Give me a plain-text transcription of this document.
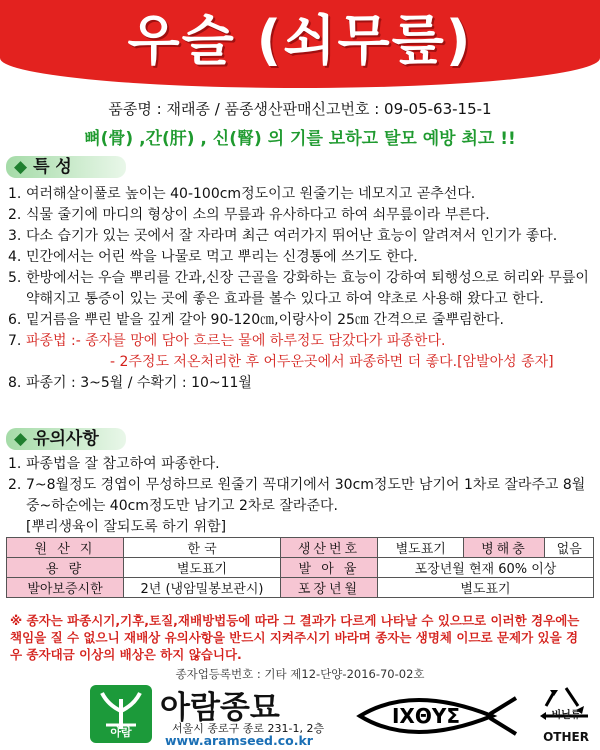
우슬 (쇠무릎)
품종명 : 재래종 / 품종생산판매신고번호 : 09-05-63-15-1
뼈(骨) ,간(肝) , 신(腎) 의 기를 보하고 탈모 예방 최고 !!
◆ 특 성
1. 여러해살이풀로 높이는 40-100cm정도이고 원줄기는 네모지고 곧추선다.
2. 식물 줄기에 마디의 형상이 소의 무릎과 유사하다고 하여 쇠무릎이라 부른다.
3. 다소 습기가 있는 곳에서 잘 자라며 최근 여러가지 뛰어난 효능이 알려져서 인기가 좋다.
4. 민간에서는 어린 싹을 나물로 먹고 뿌리는 신경통에 쓰기도 한다.
5. 한방에서는 우슬 뿌리를 간과,신장 근골을 강화하는 효능이 강하여 퇴행성으로 허리와 무릎이 약해지고 통증이 있는 곳에 좋은 효과를 볼수 있다고 하여 약초로 사용해 왔다고 한다.
6. 밑거름을 뿌린 밭을 깊게 갈아 90-120㎝,이랑사이 25㎝ 간격으로 줄뿌림한다.
7. 파종법 : - 종자를 망에 담아 흐르는 물에 하루정도 담갔다가 파종한다.
- 2주정도 저온처리한 후 어두운곳에서 파종하면 더 좋다.[암발아성 종자]
8. 파종기 : 3~5월 / 수확기 : 10~11월
◆ 유의사항
1. 파종법을 잘 참고하여 파종한다.
2. 7~8월정도 경엽이 무성하므로 원줄기 꼭대기에서 30cm정도만 남기어 1차로 잘라주고 8월 중~하순에는 40cm정도만 남기고 2차로 잘라준다.
[뿌리생육이 잘되도록 하기 위함]
원 산 지	한 국	생산번호	별도표기	병해충	없음
용 량	별도표기	발 아 율	포장년월 현재 60% 이상		
발아보증시한	2년 (냉암밀봉보관시)	포장년월	별도표기		
※ 종자는 파종시기,기후,토질,재배방법등에 따라 그 결과가 다르게 나타날 수 있으므로 이러한 경우에는 책임을 질 수 없으니 재배상 유의사항을 반드시 지켜주시기 바라며 종자는 생명체 이므로 문제가 있을 경우 종자대금 이상의 배상은 하지 않습니다.
종자업등록번호 : 기타 제12-단양-2016-70-02호
아람
아람종묘
서울시 종로구 종로 231-1, 2층
www.aramseed.co.kr
IXΘYΣ	비닐류
OTHER
